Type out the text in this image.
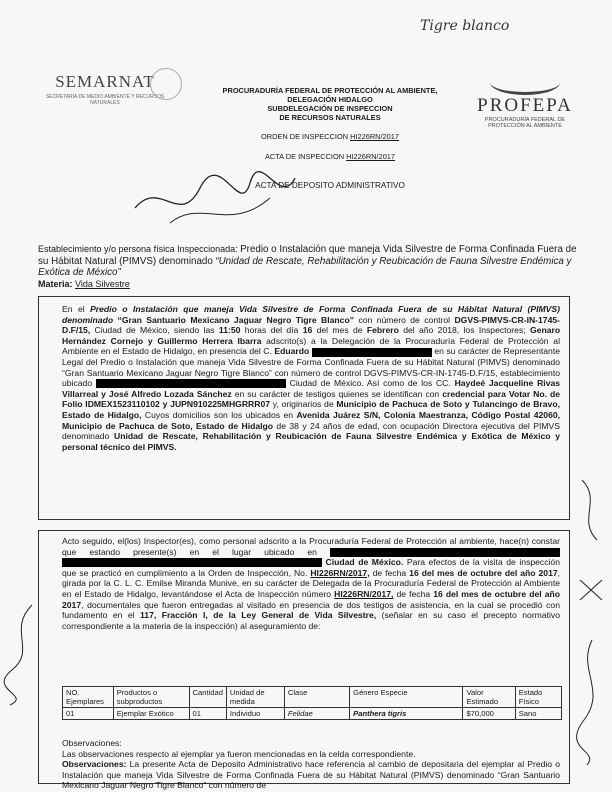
Tigre blanco
SEMARNAT
SECRETARÍA DE MEDIO AMBIENTE Y RECURSOS NATURALES
PROCURADURÍA FEDERAL DE PROTECCIÓN AL AMBIENTE,
DELEGACIÓN HIDALGO
SUBDELEGACIÓN DE INSPECCION
DE RECURSOS NATURALES
PROFEPA
PROCURADURÍA FEDERAL DE
PROTECCIÓN AL AMBIENTE
ORDEN DE INSPECCION HI226RN/2017
ACTA DE INSPECCION HI226RN/2017
ACTA DE DEPOSITO ADMINISTRATIVO
Establecimiento y/o persona física Inspeccionada: Predio o Instalación que maneja Vida Silvestre de Forma Confinada Fuera de su Hábitat Natural (PIMVS) denominado “Unidad de Rescate, Rehabilitación y Reubicación de Fauna Silvestre Endémica y Exótica de México”
Materia: Vida Silvestre
En el Predio o Instalación que maneja Vida Silvestre de Forma Confinada Fuera de su Hábitat Natural (PIMVS) denominado “Gran Santuario Mexicano Jaguar Negro Tigre Blanco” con número de control DGVS-PIMVS-CR-IN-1745-D.F/15, Ciudad de México, siendo las 11:50 horas del día 16 del mes de Febrero del año 2018, los Inspectores; Genaro Hernández Cornejo y Guillermo Herrera Ibarra adscrito(s) a la Delegación de la Procuraduría Federal de Protección al Ambiente en el Estado de Hidalgo, en presencia del C. Eduardo	en su carácter de Representante Legal del Predio o Instalación que maneja Vida Silvestre de Forma Confinada Fuera de su Hábitat Natural (PIMVS) denominado “Gran Santuario Mexicano Jaguar Negro Tigre Blanco” con número de control DGVS-PIMVS-CR-IN-1745-D.F/15, establecimiento ubicado	Ciudad de México. Así como de los CC. Haydeé Jacqueline Rivas Villarreal y José Alfredo Lozada Sánchez en su carácter de testigos quienes se identifican con credencial para Votar No. de Folio IDMEX1523110102 y JUPN910225MHGRRR07 y, originarios de Municipio de Pachuca de Soto y Tulancingo de Bravo, Estado de Hidalgo, Cuyos domicilios son los ubicados en Avenida Juárez S/N, Colonia Maestranza, Código Postal 42060, Municipio de Pachuca de Soto, Estado de Hidalgo de 38 y 24 años de edad, con ocupación Directora ejecutiva del PIMVS denominado Unidad de Rescate, Rehabilitación y Reubicación de Fauna Silvestre Endémica y Exótica de México y personal técnico del PIMVS.
Acto seguido, el(los) Inspector(es), como personal adscrito a la Procuraduría Federal de Protección al ambiente, hace(n) constar que estando presente(s) en el lugar ubicado en   Ciudad de México. Para efectos de la visita de inspección que se practicó en cumplimiento a la Orden de Inspección, No. HI226RN/2017, de fecha 16 del mes de octubre del año 2017, girada por la C. L. C. Emilse Miranda Munive, en su carácter de Delegada de la Procuraduría Federal de Protección al Ambiente en el Estado de Hidalgo, levantándose el Acta de Inspección número HI226RN/2017, de fecha 16 del mes de octubre del año 2017, documentales que fueron entregadas al visitado en presencia de dos testigos de asistencia, en la cual se procedió con fundamento en el 117, Fracción I, de la Ley General de Vida Silvestre, (señalar en su caso el precepto normativo correspondiente a la materia de la inspección) al aseguramiento de:
NO. Ejemplares	Productos o subproductos	Cantidad	Unidad de medida	Clase	Género Especie	Valor Estimado	Estado Físico
01	Ejemplar Exótico	01	Individuo	Felidae	Panthera tigris	$70,000	Sano
Observaciones:
Las observaciones respecto al ejemplar ya fueron mencionadas en la celda correspondiente.
Observaciones: La presente Acta de Deposito Administrativo hace referencia al cambio de depositaria del ejemplar al Predio o Instalación que maneja Vida Silvestre de Forma Confinada Fuera de su Hábitat Natural (PIMVS) denominado “Gran Santuario Mexicano Jaguar Negro Tigre Blanco” con número de
